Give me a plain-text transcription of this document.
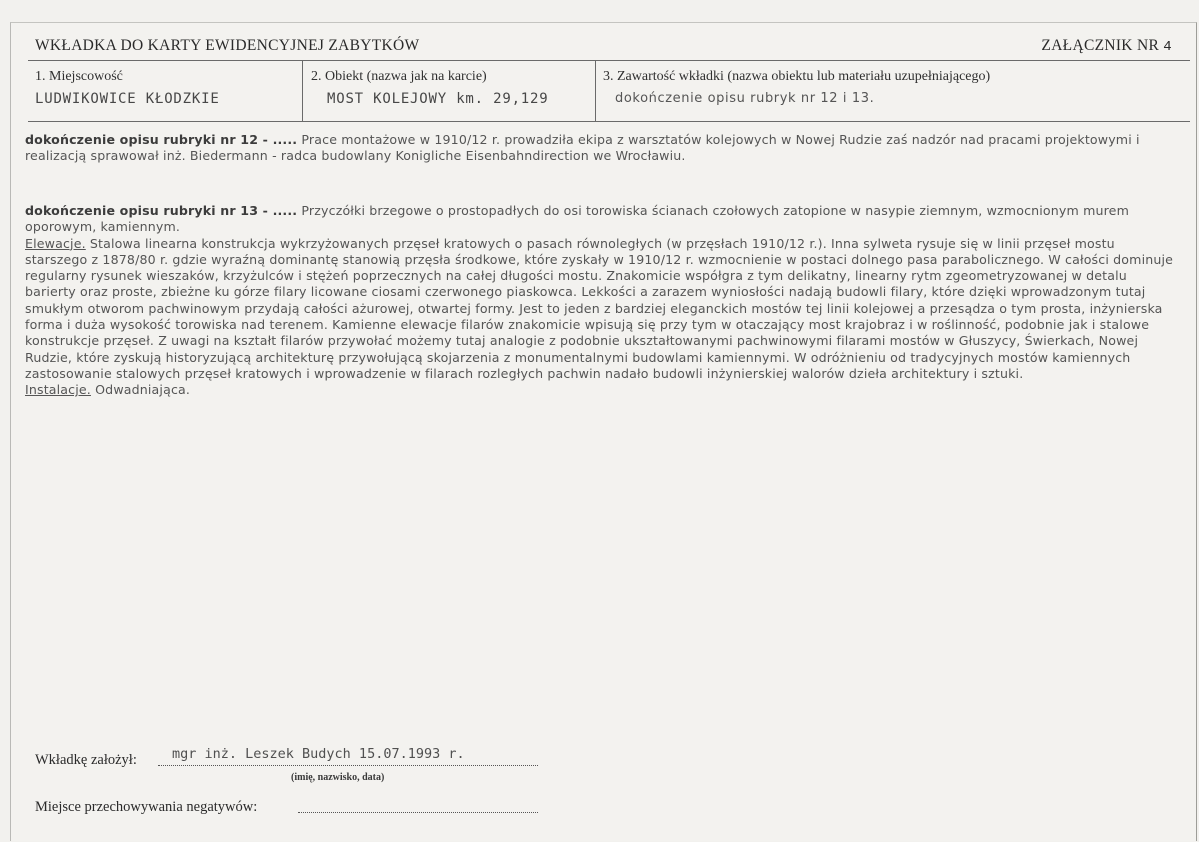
WKŁADKA DO KARTY EWIDENCYJNEJ ZABYTKÓW	ZAŁĄCZNIK NR 4
1. Miejscowość
LUDWIKOWICE KŁODZKIE
2. Obiekt (nazwa jak na karcie)
MOST KOLEJOWY km. 29,129
3. Zawartość wkładki (nazwa obiektu lub materiału uzupełniającego)
dokończenie opisu rubryk nr 12 i 13.

dokończenie opisu rubryki nr 12 - ..... Prace montażowe w 1910/12 r. prowadziła ekipa z warsztatów kolejowych w Nowej Rudzie zaś nadzór nad pracami projektowymi i realizacją sprawował inż. Biedermann - radca budowlany Konigliche Eisenbahndirection we Wrocławiu.

dokończenie opisu rubryki nr 13 - ..... Przyczółki brzegowe o prostopadłych do osi torowiska ścianach czołowych zatopione w nasypie ziemnym, wzmocnionym murem oporowym, kamiennym.

Elewacje. Stalowa linearna konstrukcja wykrzyżowanych przęseł kratowych o pasach równoległych (w przęsłach 1910/12 r.). Inna sylweta rysuje się w linii przęseł mostu starszego z 1878/80 r. gdzie wyraźną dominantę stanowią przęsła środkowe, które zyskały w 1910/12 r. wzmocnienie w postaci dolnego pasa parabolicznego. W całości dominuje regularny rysunek wieszaków, krzyżulców i stężeń poprzecznych na całej długości mostu. Znakomicie współgra z tym delikatny, linearny rytm zgeometryzowanej w detalu barierty oraz proste, zbieżne ku górze filary licowane ciosami czerwonego piaskowca. Lekkości a zarazem wyniosłości nadają budowli filary, które dzięki wprowadzonym tutaj smukłym otworom pachwinowym przydają całości ażurowej, otwartej formy. Jest to jeden z bardziej eleganckich mostów tej linii kolejowej a przesądza o tym prosta, inżynierska forma i duża wysokość torowiska nad terenem. Kamienne elewacje filarów znakomicie wpisują się przy tym w otaczający most krajobraz i w roślinność, podobnie jak i stalowe konstrukcje przęseł. Z uwagi na kształt filarów przywołać możemy tutaj analogie z podobnie ukształtowanymi pachwinowymi filarami mostów w Głuszycy, Świerkach, Nowej Rudzie, które zyskują historyzującą architekturę przywołującą skojarzenia z monumentalnymi budowlami kamiennymi. W odróżnieniu od tradycyjnych mostów kamiennych zastosowanie stalowych przęseł kratowych i wprowadzenie w filarach rozległych pachwin nadało budowli inżynierskiej walorów dzieła architektury i sztuki.

Instalacje. Odwadniająca.

Wkładkę założył:	mgr inż. Leszek Budych 15.07.1993 r.
(imię, nazwisko, data)
Miejsce przechowywania negatywów:
